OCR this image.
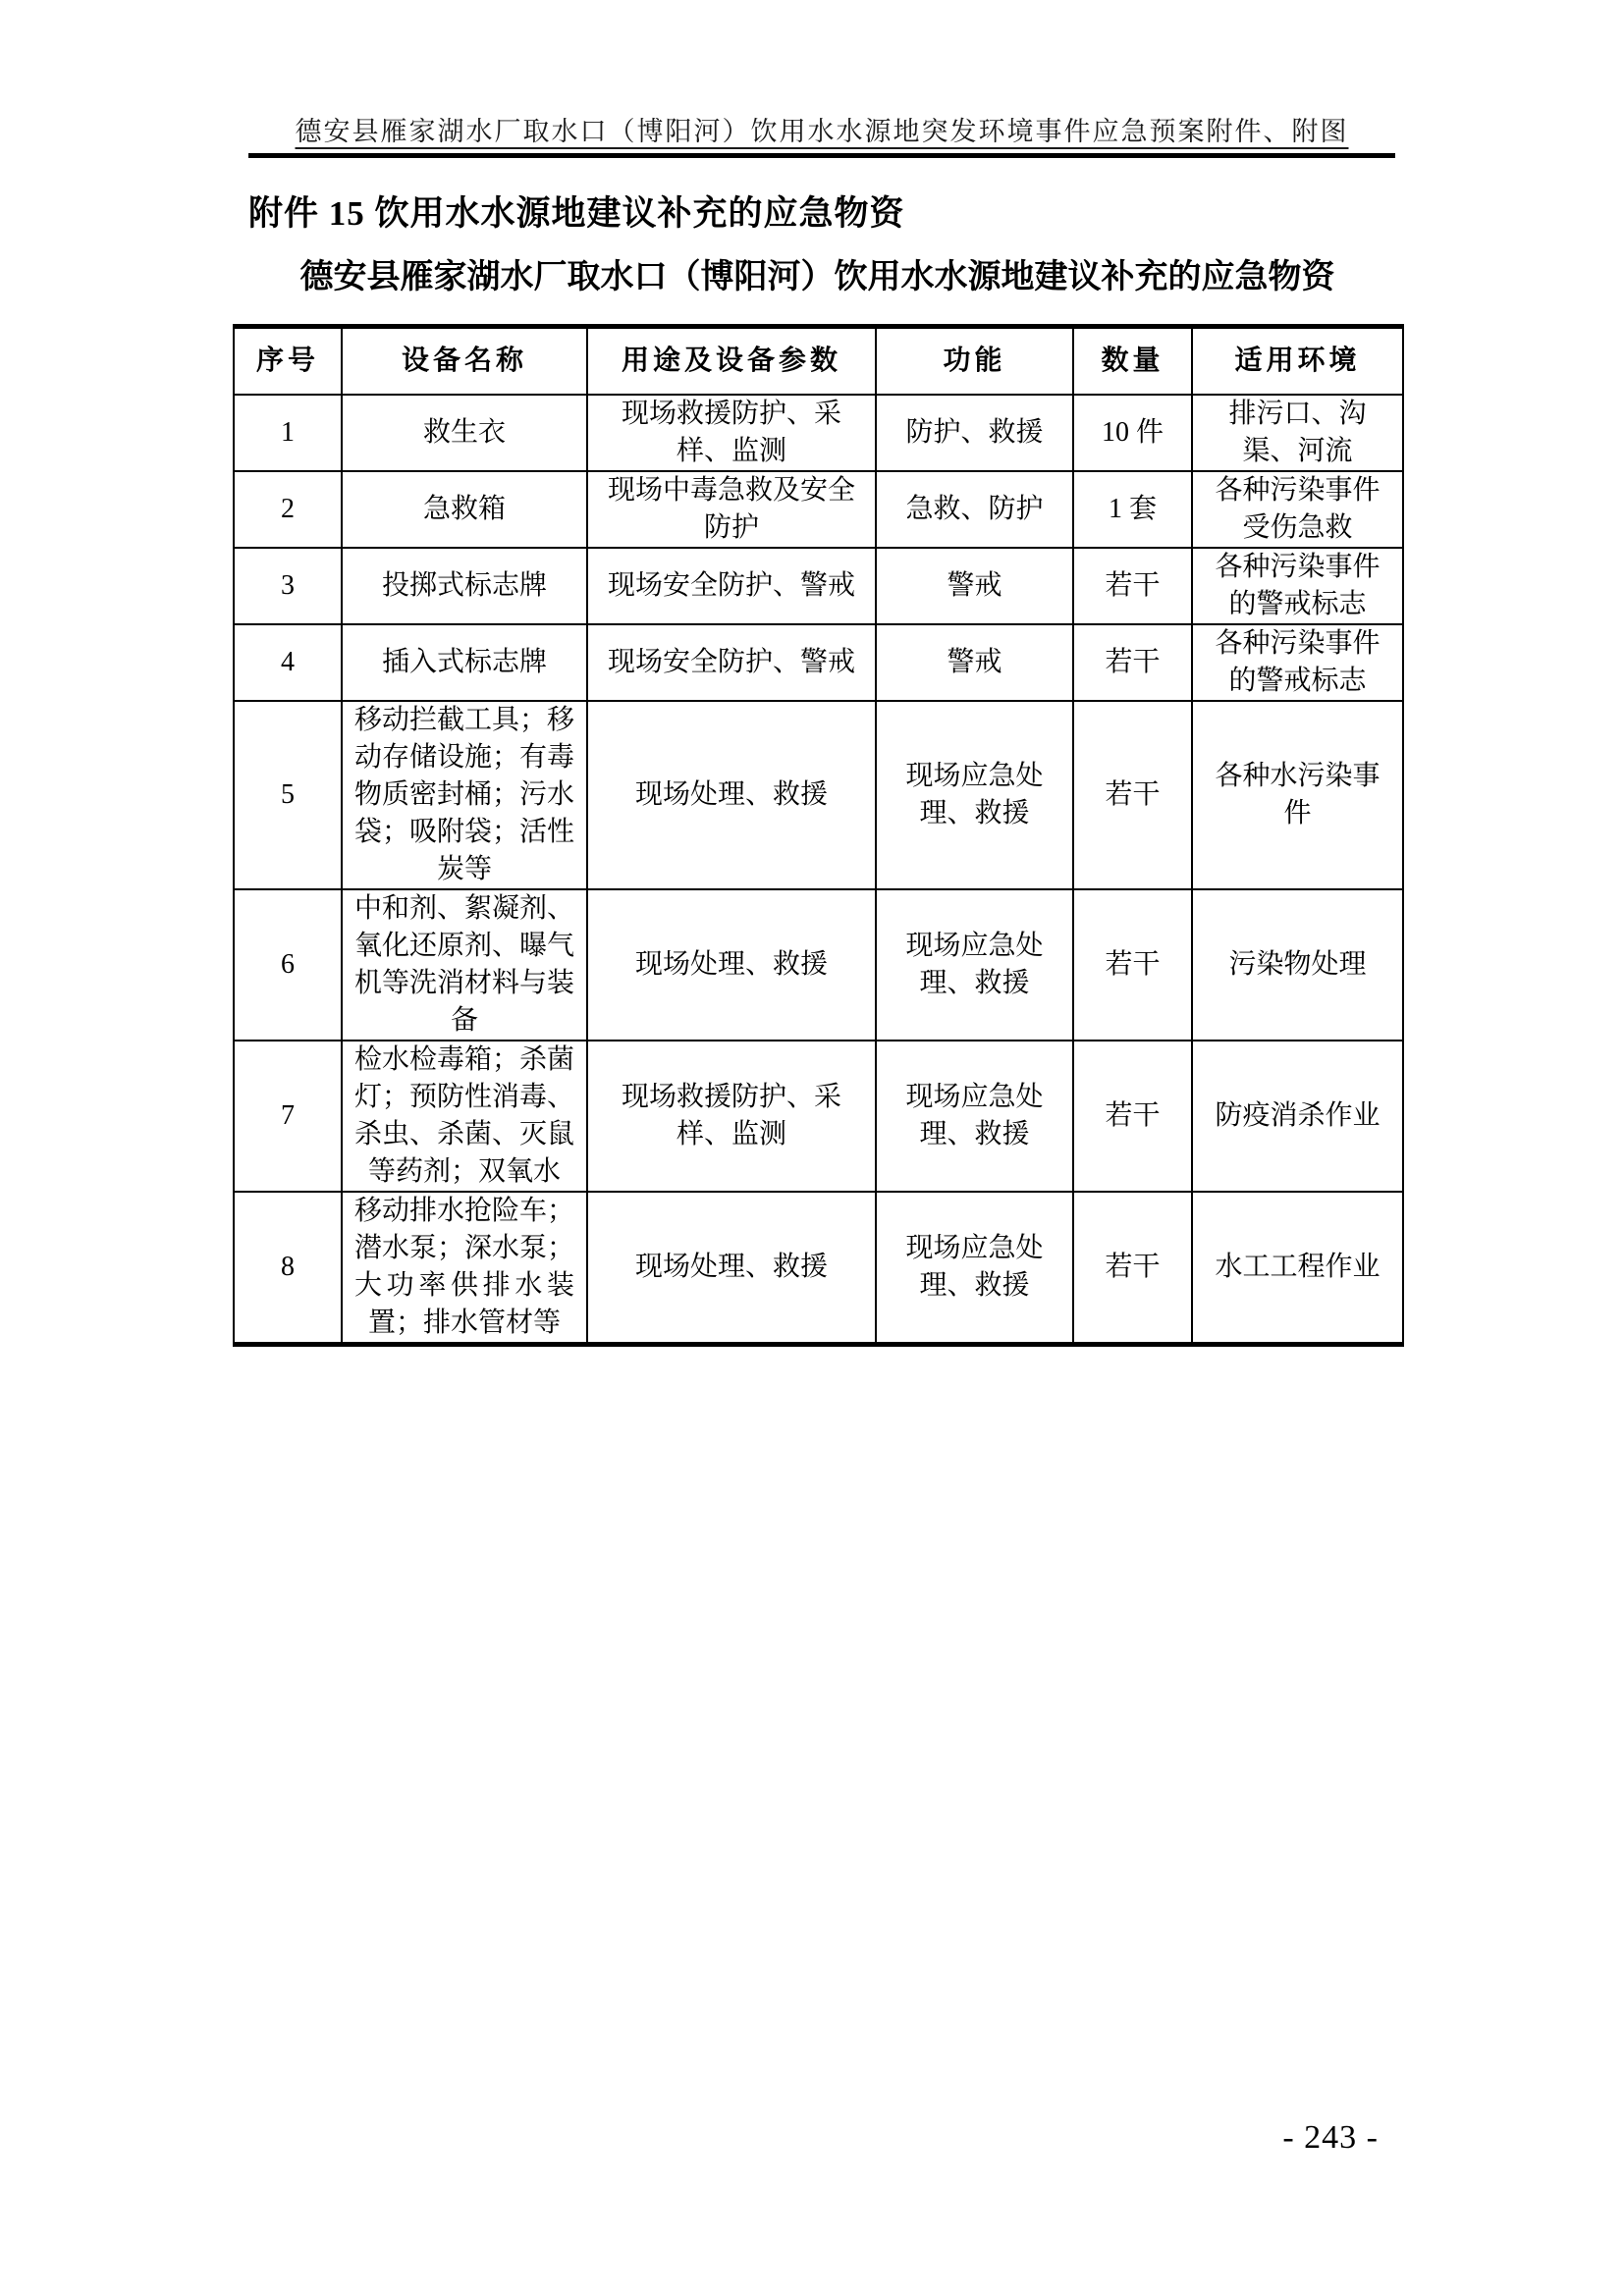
德安县雁家湖水厂取水口（博阳河）饮用水水源地突发环境事件应急预案附件、附图
附件 15 饮用水水源地建议补充的应急物资
德安县雁家湖水厂取水口（博阳河）饮用水水源地建议补充的应急物资
序号	设备名称	用途及设备参数	功能	数量	适用环境
1	救生衣	现场救援防护、采样、监测	防护、救援	10 件	排污口、沟渠、河流
2	急救箱	现场中毒急救及安全防护	急救、防护	1 套	各种污染事件受伤急救
3	投掷式标志牌	现场安全防护、警戒	警戒	若干	各种污染事件的警戒标志
4	插入式标志牌	现场安全防护、警戒	警戒	若干	各种污染事件的警戒标志
5	移动拦截工具；移动存储设施；有毒物质密封桶；污水袋；吸附袋；活性炭等	现场处理、救援	现场应急处理、救援	若干	各种水污染事件
6	中和剂、絮凝剂、氧化还原剂、曝气机等洗消材料与装备	现场处理、救援	现场应急处理、救援	若干	污染物处理
7	检水检毒箱；杀菌灯；预防性消毒、杀虫、杀菌、灭鼠等药剂；双氧水	现场救援防护、采样、监测	现场应急处理、救援	若干	防疫消杀作业
8	移动排水抢险车；潜水泵；深水泵；大功率供排水装置；排水管材等	现场处理、救援	现场应急处理、救援	若干	水工工程作业
- 243 -
